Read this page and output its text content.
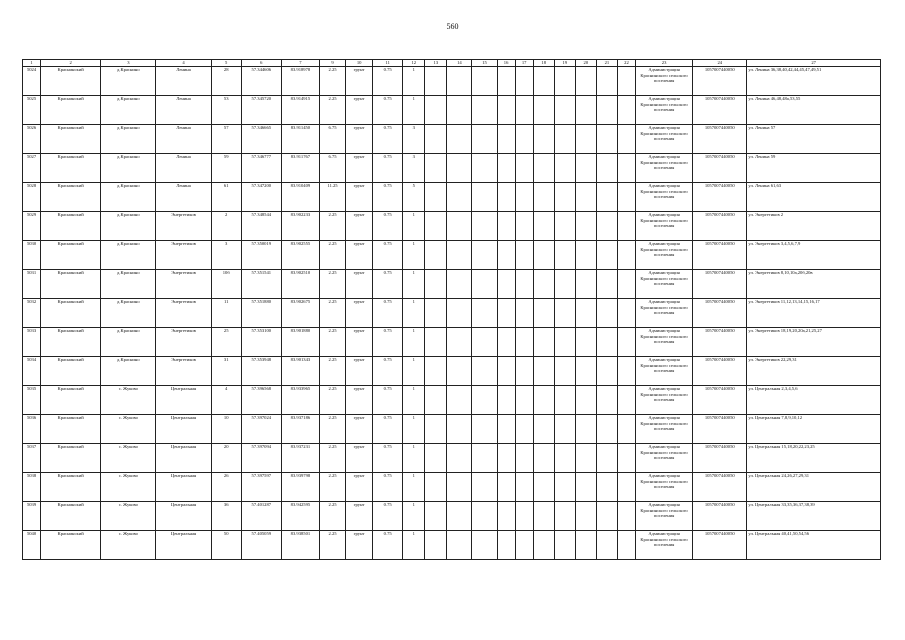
560
1	2	3	4	5	6	7	9	10	11	12	13	14	15	16	17	18	19	20	21	22	23	24	27
5024	Краснинский	д.Краснино	Ленина	28	57.344606	83.918978	2.25	грунт	0.75	1											Администрация Краснинского сельского поселения	1057007440050	ул. Ленина 36,38,40,42,44,45,47,49,51
5025	Краснинский	д.Краснино	Ленина	53	57.345720	83.914915	2.25	грунт	0.75	1											Администрация Краснинского сельского поселения	1057007440050	ул. Ленина 46,48,48а,53,55
5026	Краснинский	д.Краснино	Ленина	57	57.346665	83.911450	6.75	грунт	0.75	3											Администрация Краснинского сельского поселения	1057007440050	ул. Ленина 57
5027	Краснинский	д.Краснино	Ленина	59	57.346777	83.911767	6.75	грунт	0.75	3											Администрация Краснинского сельского поселения	1057007440050	ул. Ленина 59
5028	Краснинский	д.Краснино	Ленина	61	57.347200	83.910409	11.25	грунт	0.75	5											Администрация Краснинского сельского поселения	1057007440050	ул. Ленина 61,63
5029	Краснинский	д.Краснино	Энергетиков	2	57.348544	83.902233	2.25	грунт	0.75	1											Администрация Краснинского сельского поселения	1057007440050	ул. Энергетиков 2
5030	Краснинский	д.Краснино	Энергетиков	3	57.350019	83.902555	2.25	грунт	0.75	1											Администрация Краснинского сельского поселения	1057007440050	ул. Энергетиков 3,4,5,6,7,9
5031	Краснинский	д.Краснино	Энергетиков	10б	57.351541	83.902510	2.25	грунт	0.75	1											Администрация Краснинского сельского поселения	1057007440050	ул. Энергетиков 8,10,10а,20б,20в
5032	Краснинский	д.Краснино	Энергетиков	11	57.351880	83.902675	2.25	грунт	0.75	1											Администрация Краснинского сельского поселения	1057007440050	ул. Энергетиков 11,12,13,14,15,16,17
5033	Краснинский	д.Краснино	Энергетиков	25	57.353100	83.901880	2.25	грунт	0.75	1											Администрация Краснинского сельского поселения	1057007440050	ул. Энергетиков 18,19,20,20а,21,25,27
5034	Краснинский	д.Краснино	Энергетиков	31	57.353948	83.901343	2.25	грунт	0.75	1											Администрация Краснинского сельского поселения	1057007440050	ул. Энергетиков 22,29,31
5035	Краснинский	с. Жуково	Центральная	4	57.396568	83.933965	2.25	грунт	0.75	1											Администрация Краснинского сельского поселения	1057007440050	ул. Центральная 2,3,4,5,6
5036	Краснинский	с. Жуково	Центральная	10	57.397024	83.937186	2.25	грунт	0.75	1											Администрация Краснинского сельского поселения	1057007440050	ул. Центральная 7,8,9,10,12
5037	Краснинский	с. Жуково	Центральная	20	57.397094	83.937231	2.25	грунт	0.75	1											Администрация Краснинского сельского поселения	1057007440050	ул. Центральная 15,18,20,22,23,25
5038	Краснинский	с. Жуково	Центральная	26	57.397597	83.939798	2.25	грунт	0.75	1											Администрация Краснинского сельского поселения	1057007440050	ул. Центральная 24,26,27,29,31
5039	Краснинский	с. Жуково	Центральная	36	57.401287	83.942595	2.25	грунт	0.75	1											Администрация Краснинского сельского поселения	1057007440050	ул. Центральная 33,35,36,37,38,39
5040	Краснинский	с. Жуково	Центральная	50	57.405059	83.938501	2.25	грунт	0.75	1											Администрация Краснинского сельского поселения	1057007440050	ул. Центральная 40,41,50,54,56
